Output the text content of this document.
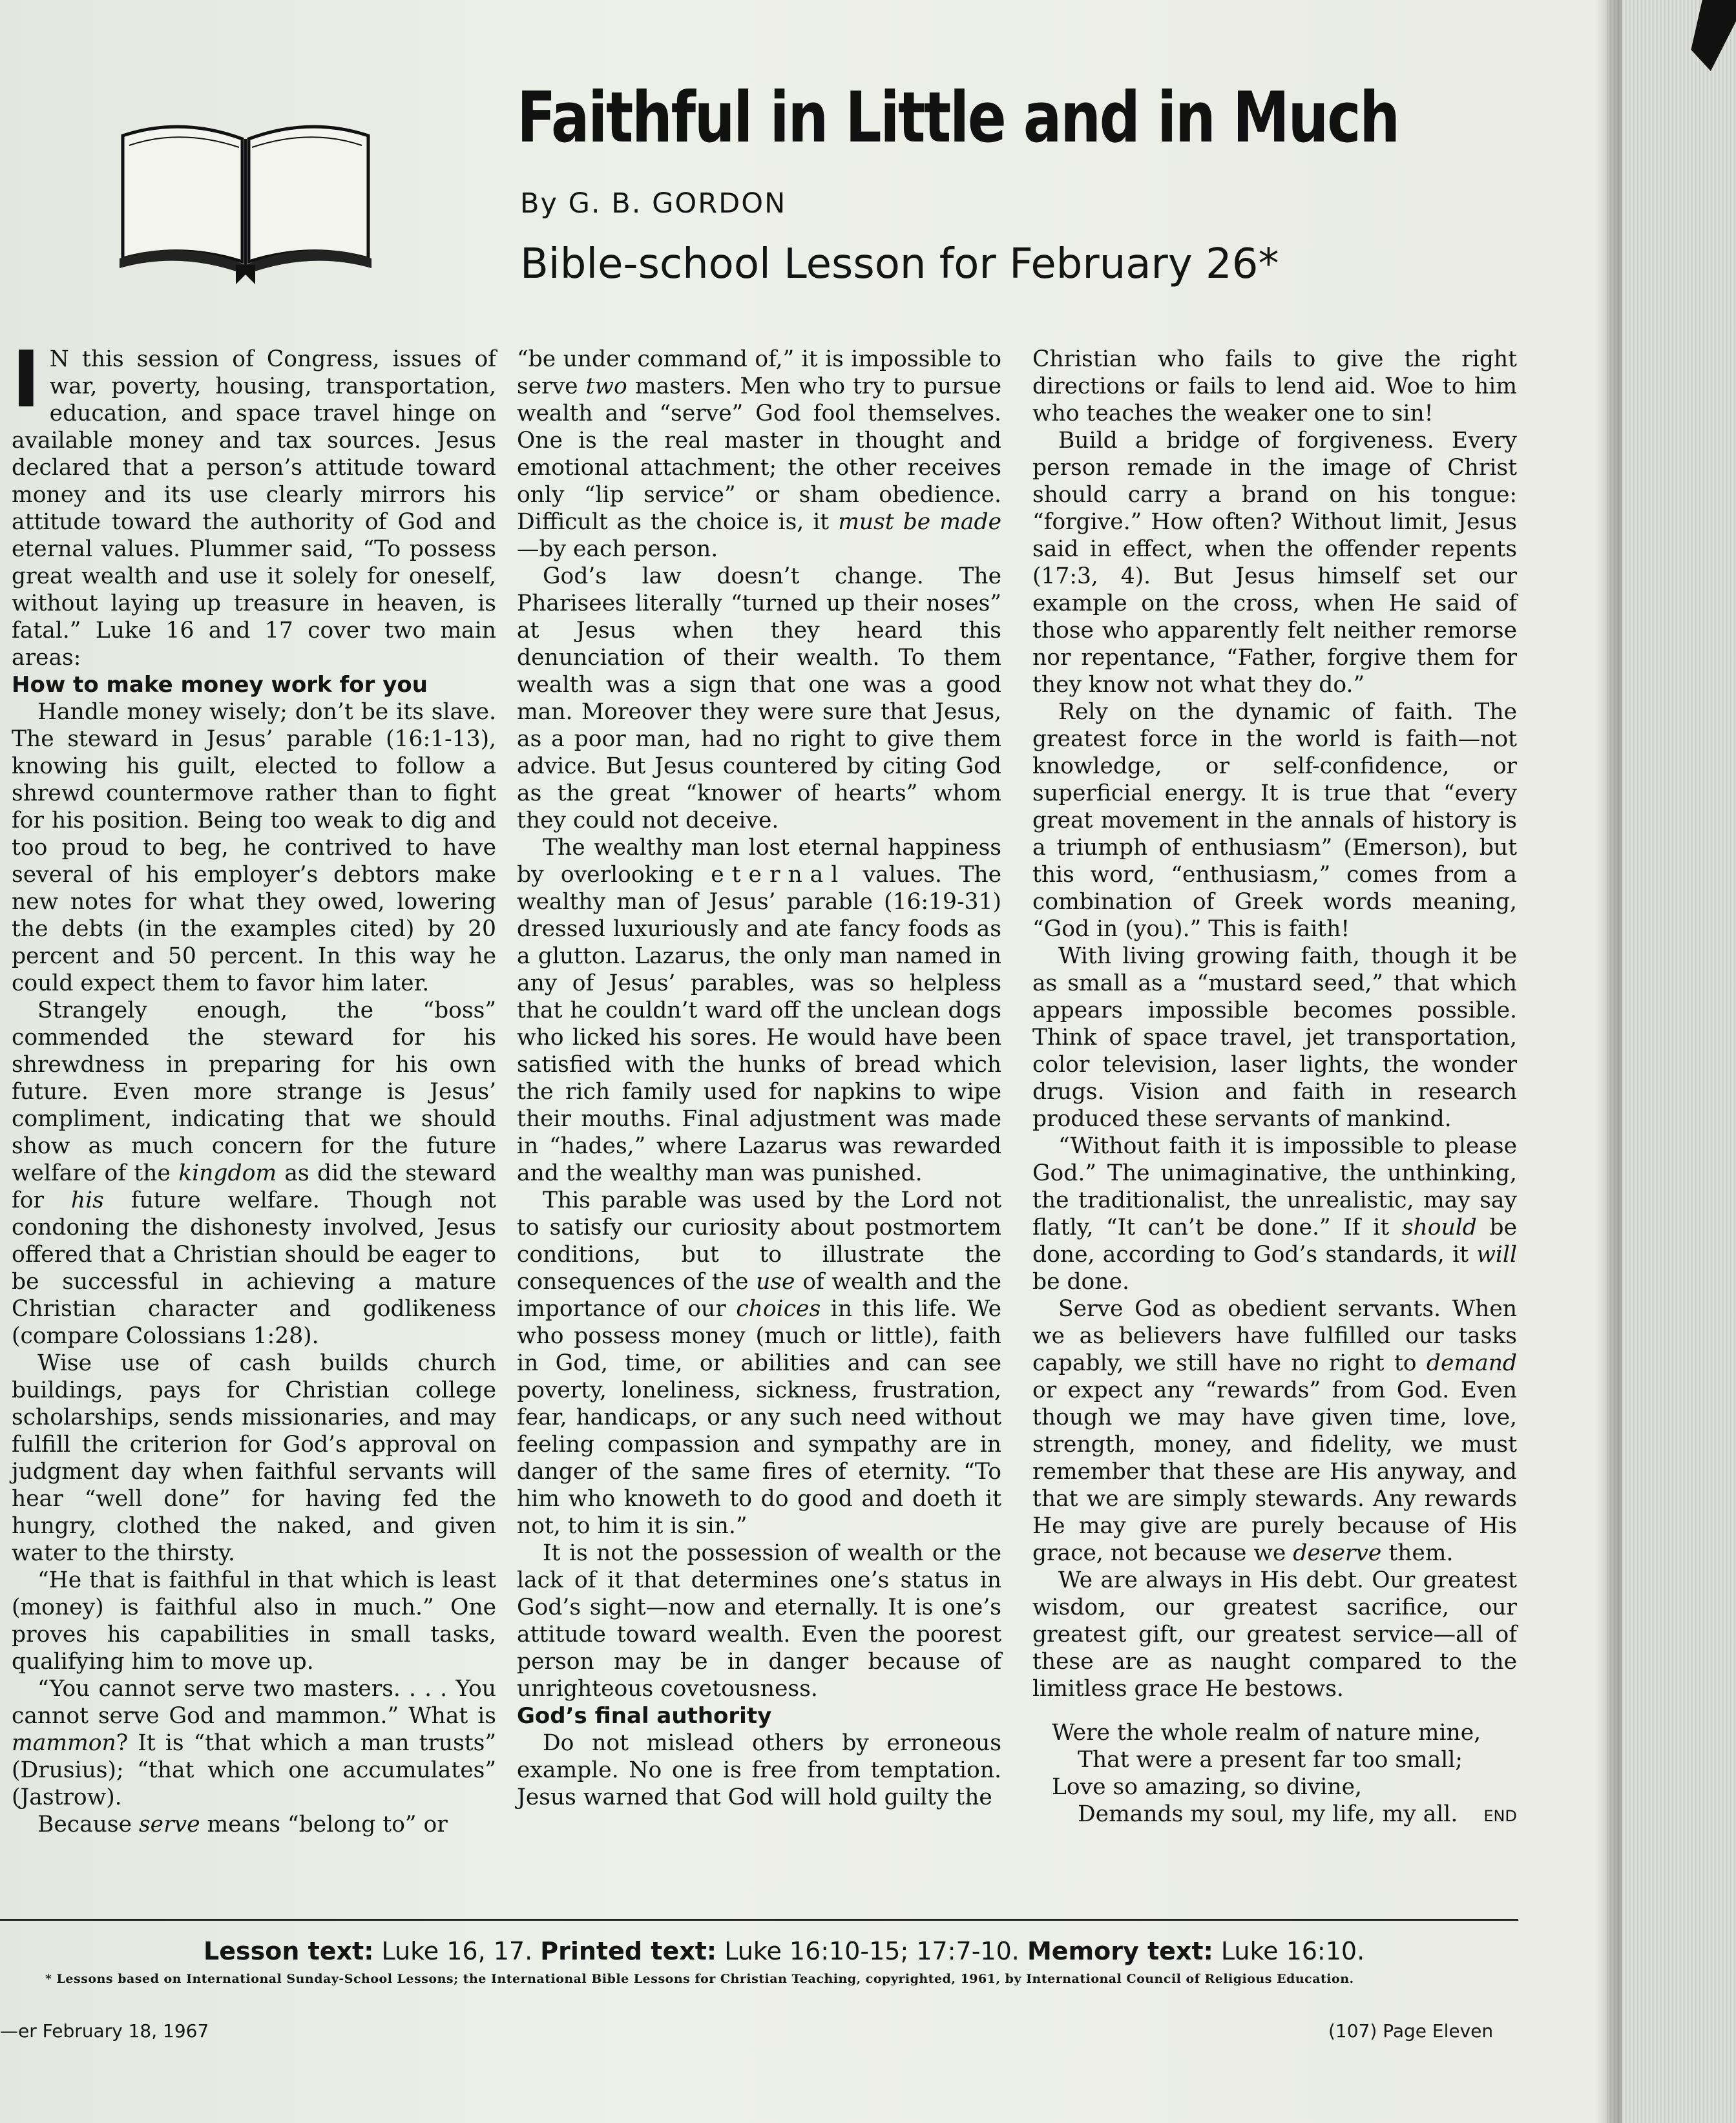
Faithful in Little and in Much
By G. B. GORDON
Bible-school Lesson for February 26*

I N this session of Congress, issues of war, poverty, housing, transportation, education, and space travel hinge on available money and tax sources. Jesus declared that a person’s attitude toward money and its use clearly mirrors his attitude toward the authority of God and eternal values. Plummer said, “To possess great wealth and use it solely for oneself, without laying up treasure in heaven, is fatal.” Luke 16 and 17 cover two main areas:

How to make money work for you

Handle money wisely; don’t be its slave. The steward in Jesus’ parable (16:1-13), knowing his guilt, elected to follow a shrewd countermove rather than to fight for his position. Being too weak to dig and too proud to beg, he contrived to have several of his employer’s debtors make new notes for what they owed, lowering the debts (in the examples cited) by 20 percent and 50 percent. In this way he could expect them to favor him later.

Strangely enough, the “boss” commended the steward for his shrewdness in preparing for his own future. Even more strange is Jesus’ compliment, indicating that we should show as much concern for the future welfare of the kingdom as did the steward for his future welfare. Though not condoning the dishonesty involved, Jesus offered that a Christian should be eager to be successful in achieving a mature Christian character and godlikeness (compare Colossians 1:28).

Wise use of cash builds church buildings, pays for Christian college scholarships, sends missionaries, and may fulfill the criterion for God’s approval on judgment day when faithful servants will hear “well done” for having fed the hungry, clothed the naked, and given water to the thirsty.

“He that is faithful in that which is least (money) is faithful also in much.” One proves his capabilities in small tasks, qualifying him to move up.

“You cannot serve two masters. . . . You cannot serve God and mammon.” What is mammon? It is “that which a man trusts” (Drusius); “that which one accumulates” (Jastrow).

Because serve means “belong to” or

“be under command of,” it is impossible to serve two masters. Men who try to pursue wealth and “serve” God fool themselves. One is the real master in thought and emotional attachment; the other receives only “lip service” or sham obedience. Difficult as the choice is, it must be made—by each person.

God’s law doesn’t change. The Pharisees literally “turned up their noses” at Jesus when they heard this denunciation of their wealth. To them wealth was a sign that one was a good man. Moreover they were sure that Jesus, as a poor man, had no right to give them advice. But Jesus countered by citing God as the great “knower of hearts” whom they could not deceive.

The wealthy man lost eternal happiness by overlooking eternal values. The wealthy man of Jesus’ parable (16:19-31) dressed luxuriously and ate fancy foods as a glutton. Lazarus, the only man named in any of Jesus’ parables, was so helpless that he couldn’t ward off the unclean dogs who licked his sores. He would have been satisfied with the hunks of bread which the rich family used for napkins to wipe their mouths. Final adjustment was made in “hades,” where Lazarus was rewarded and the wealthy man was punished.

This parable was used by the Lord not to satisfy our curiosity about postmortem conditions, but to illustrate the consequences of the use of wealth and the importance of our choices in this life. We who possess money (much or little), faith in God, time, or abilities and can see poverty, loneliness, sickness, frustration, fear, handicaps, or any such need without feeling compassion and sympathy are in danger of the same fires of eternity. “To him who knoweth to do good and doeth it not, to him it is sin.”

It is not the possession of wealth or the lack of it that determines one’s status in God’s sight—now and eternally. It is one’s attitude toward wealth. Even the poorest person may be in danger because of unrighteous covetousness.

God’s final authority

Do not mislead others by erroneous example. No one is free from temptation. Jesus warned that God will hold guilty the

Christian who fails to give the right directions or fails to lend aid. Woe to him who teaches the weaker one to sin!

Build a bridge of forgiveness. Every person remade in the image of Christ should carry a brand on his tongue: “forgive.” How often? Without limit, Jesus said in effect, when the offender repents (17:3, 4). But Jesus himself set our example on the cross, when He said of those who apparently felt neither remorse nor repentance, “Father, forgive them for they know not what they do.”

Rely on the dynamic of faith. The greatest force in the world is faith—not knowledge, or self-confidence, or superficial energy. It is true that “every great movement in the annals of history is a triumph of enthusiasm” (Emerson), but this word, “enthusiasm,” comes from a combination of Greek words meaning, “God in (you).” This is faith!

With living growing faith, though it be as small as a “mustard seed,” that which appears impossible becomes possible. Think of space travel, jet transportation, color television, laser lights, the wonder drugs. Vision and faith in research produced these servants of mankind.

“Without faith it is impossible to please God.” The unimaginative, the unthinking, the traditionalist, the unrealistic, may say flatly, “It can’t be done.” If it should be done, according to God’s standards, it will be done.

Serve God as obedient servants. When we as believers have fulfilled our tasks capably, we still have no right to demand or expect any “rewards” from God. Even though we may have given time, love, strength, money, and fidelity, we must remember that these are His anyway, and that we are simply stewards. Any rewards He may give are purely because of His grace, not because we deserve them.

We are always in His debt. Our greatest wisdom, our greatest sacrifice, our greatest gift, our greatest service—all of these are as naught compared to the limitless grace He bestows.

Were the whole realm of nature mine,
That were a present far too small;
Love so amazing, so divine,
Demands my soul, my life, my all. END
Lesson text: Luke 16, 17. Printed text: Luke 16:10-15; 17:7-10. Memory text: Luke 16:10.
* Lessons based on International Sunday-School Lessons; the International Bible Lessons for Christian Teaching, copyrighted, 1961, by International Council of Religious Education.
—er February 18, 1967	(107) Page Eleven
